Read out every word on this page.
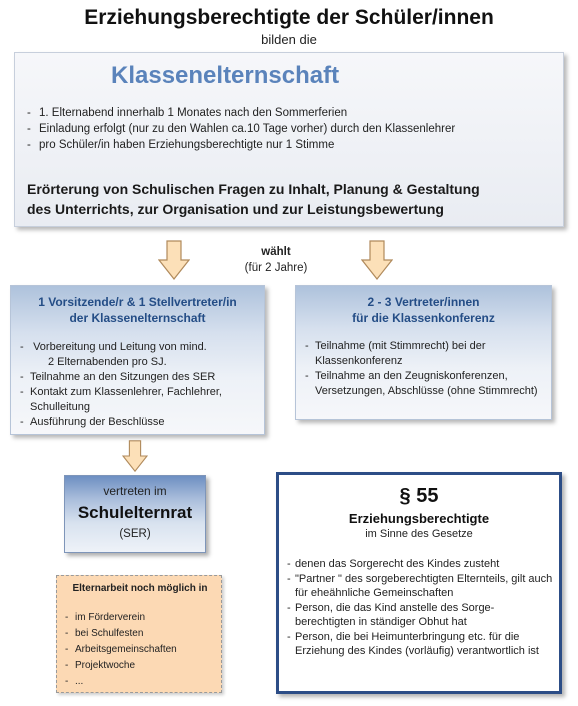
Erziehungsberechtigte der Schüler/innen
bilden die
Klassenelternschaft
- 1. Elternabend innerhalb 1 Monates nach den Sommerferien
- Einladung erfolgt (nur zu den Wahlen ca.10 Tage vorher) durch den Klassenlehrer
- pro Schüler/in haben Erziehungsberechtigte nur 1 Stimme
Erörterung von Schulischen Fragen zu Inhalt, Planung & Gestaltung
des Unterrichts, zur Organisation und zur Leistungsbewertung
wählt
(für 2 Jahre)
1 Vorsitzende/r & 1 Stellvertreter/in
der Klassenelternschaft
- Vorbereitung und Leitung von mind.
2 Elternabenden pro SJ.
- Teilnahme an den Sitzungen des SER
- Kontakt zum Klassenlehrer, Fachlehrer, Schulleitung
- Ausführung der Beschlüsse
2 - 3 Vertreter/innen
für die Klassenkonferenz
- Teilnahme (mit Stimmrecht) bei der Klassenkonferenz
- Teilnahme an den Zeugniskonferenzen, Versetzungen, Abschlüsse (ohne Stimmrecht)
vertreten im
Schulelternrat
(SER)
Elternarbeit noch möglich in
- im Förderverein
- bei Schulfesten
- Arbeitsgemeinschaften
- Projektwoche
- ...
§ 55
Erziehungsberechtigte
im Sinne des Gesetze
- denen das Sorgerecht des Kindes zusteht
- "Partner " des sorgeberechtigten Elternteils, gilt auch für eheähnliche Gemeinschaften
- Person, die das Kind anstelle des Sorge-berechtigten in ständiger Obhut hat
- Person, die bei Heimunterbringung etc. für die Erziehung des Kindes (vorläufig) verantwortlich ist
